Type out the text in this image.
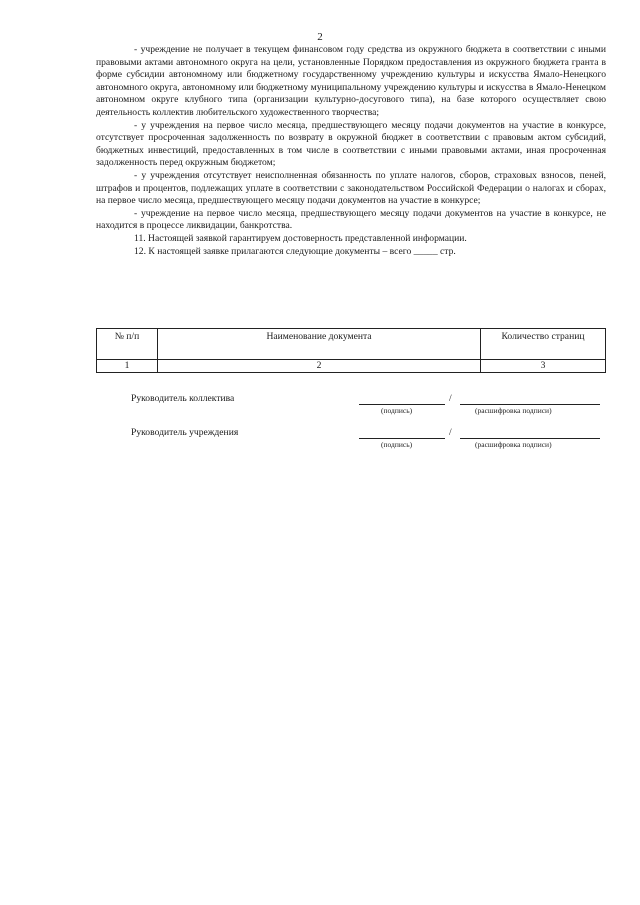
2

- учреждение не получает в текущем финансовом году средства из окружного бюджета в соответствии с иными правовыми актами автономного округа на цели, установленные Порядком предоставления из окружного бюджета гранта в форме субсидии автономному или бюджетному государственному учреждению культуры и искусства Ямало-Ненецкого автономного округа, автономному или бюджетному муниципальному учреждению культуры и искусства в Ямало-Ненецком автономном округе клубного типа (организации культурно-досугового типа), на базе которого осуществляет свою деятельность коллектив любительского художественного творчества;

- у учреждения на первое число месяца, предшествующего месяцу подачи документов на участие в конкурсе, отсутствует просроченная задолженность по возврату в окружной бюджет в соответствии с правовым актом субсидий, бюджетных инвестиций, предоставленных в том числе в соответствии с иными правовыми актами, иная просроченная задолженность перед окружным бюджетом;

- у учреждения отсутствует неисполненная обязанность по уплате налогов, сборов, страховых взносов, пеней, штрафов и процентов, подлежащих уплате в соответствии с законодательством Российской Федерации о налогах и сборах, на первое число месяца, предшествующего месяцу подачи документов на участие в конкурсе;

- учреждение на первое число месяца, предшествующего месяцу подачи документов на участие в конкурсе, не находится в процессе ликвидации, банкротства.

11. Настоящей заявкой гарантируем достоверность представленной информации.

12. К настоящей заявке прилагаются следующие документы – всего _____ стр.

№ п/п	Наименование документа	Количество страниц
1	2	3
Руководитель коллектива	/
(подпись)	(расшифровка подписи)
Руководитель учреждения	/
(подпись)	(расшифровка подписи)
